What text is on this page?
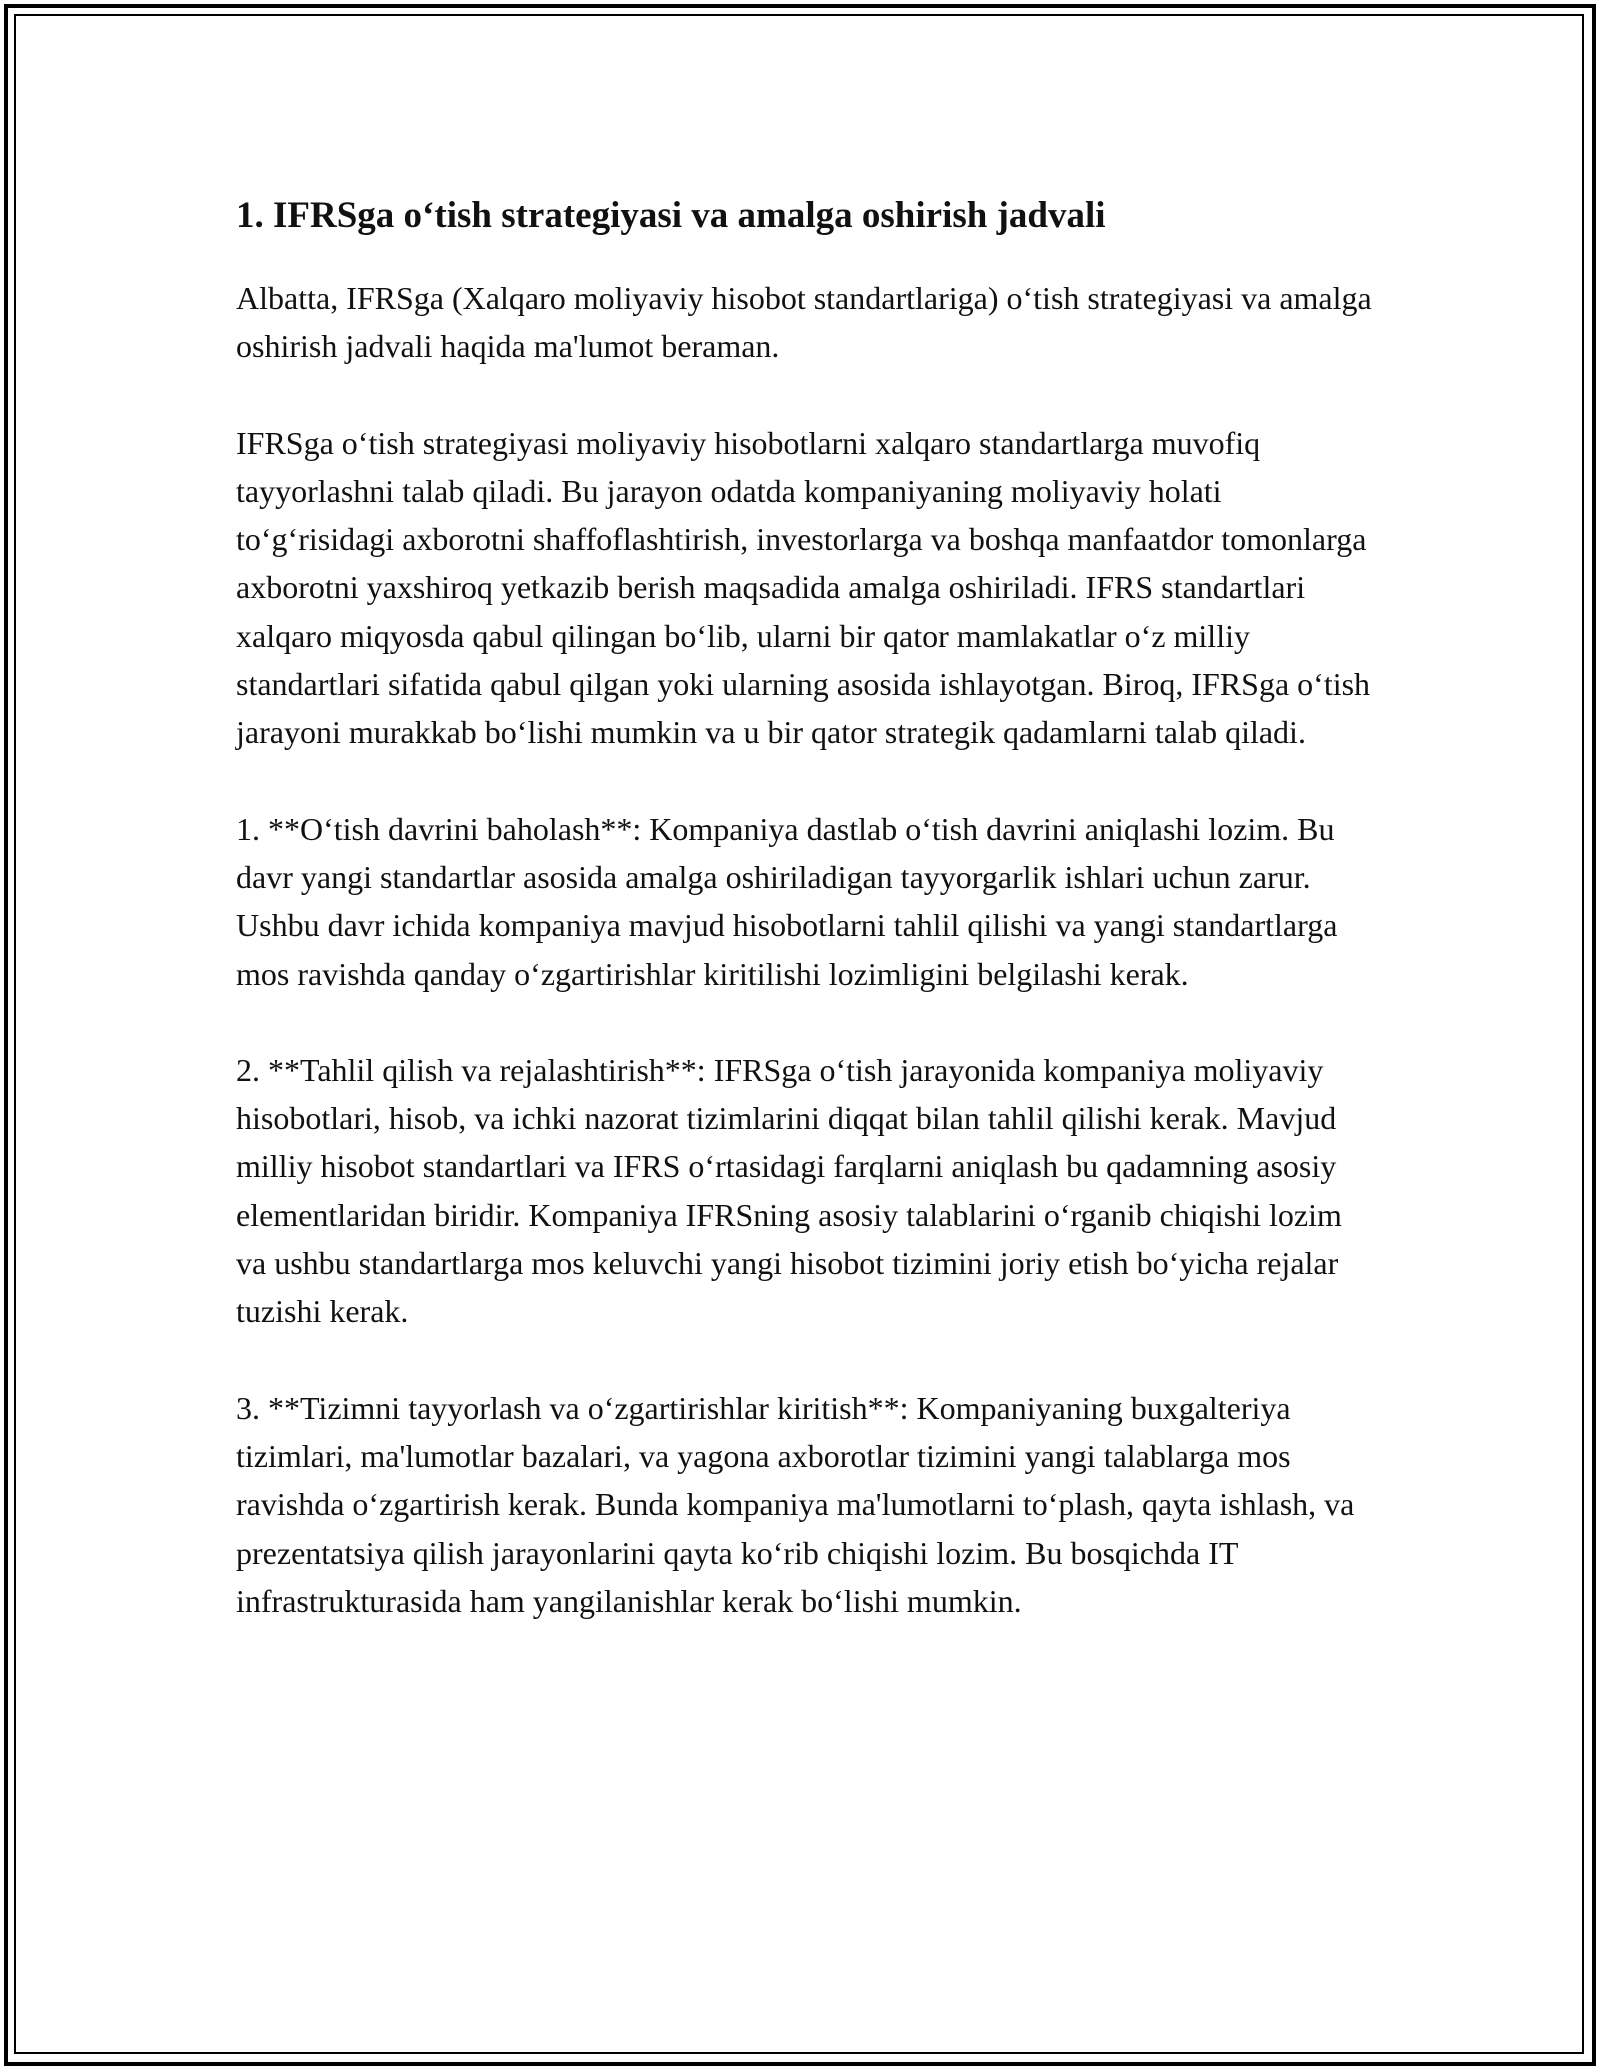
1. IFRSga o‘tish strategiyasi va amalga oshirish jadvali

Albatta, IFRSga (Xalqaro moliyaviy hisobot standartlariga) o‘tish strategiyasi va amalga oshirish jadvali haqida ma'lumot beraman.

IFRSga o‘tish strategiyasi moliyaviy hisobotlarni xalqaro standartlarga muvofiq tayyorlashni talab qiladi. Bu jarayon odatda kompaniyaning moliyaviy holati to‘g‘risidagi axborotni shaffoflashtirish, investorlarga va boshqa manfaatdor tomonlarga axborotni yaxshiroq yetkazib berish maqsadida amalga oshiriladi. IFRS standartlari xalqaro miqyosda qabul qilingan bo‘lib, ularni bir qator mamlakatlar o‘z milliy standartlari sifatida qabul qilgan yoki ularning asosida ishlayotgan. Biroq, IFRSga o‘tish jarayoni murakkab bo‘lishi mumkin va u bir qator strategik qadamlarni talab qiladi.

1. **O‘tish davrini baholash**: Kompaniya dastlab o‘tish davrini aniqlashi lozim. Bu davr yangi standartlar asosida amalga oshiriladigan tayyorgarlik ishlari uchun zarur. Ushbu davr ichida kompaniya mavjud hisobotlarni tahlil qilishi va yangi standartlarga mos ravishda qanday o‘zgartirishlar kiritilishi lozimligini belgilashi kerak.

2. **Tahlil qilish va rejalashtirish**: IFRSga o‘tish jarayonida kompaniya moliyaviy hisobotlari, hisob, va ichki nazorat tizimlarini diqqat bilan tahlil qilishi kerak. Mavjud milliy hisobot standartlari va IFRS o‘rtasidagi farqlarni aniqlash bu qadamning asosiy elementlaridan biridir. Kompaniya IFRSning asosiy talablarini o‘rganib chiqishi lozim va ushbu standartlarga mos keluvchi yangi hisobot tizimini joriy etish bo‘yicha rejalar tuzishi kerak.

3. **Tizimni tayyorlash va o‘zgartirishlar kiritish**: Kompaniyaning buxgalteriya tizimlari, ma'lumotlar bazalari, va yagona axborotlar tizimini yangi talablarga mos ravishda o‘zgartirish kerak. Bunda kompaniya ma'lumotlarni to‘plash, qayta ishlash, va prezentatsiya qilish jarayonlarini qayta ko‘rib chiqishi lozim. Bu bosqichda IT infrastrukturasida ham yangilanishlar kerak bo‘lishi mumkin.
